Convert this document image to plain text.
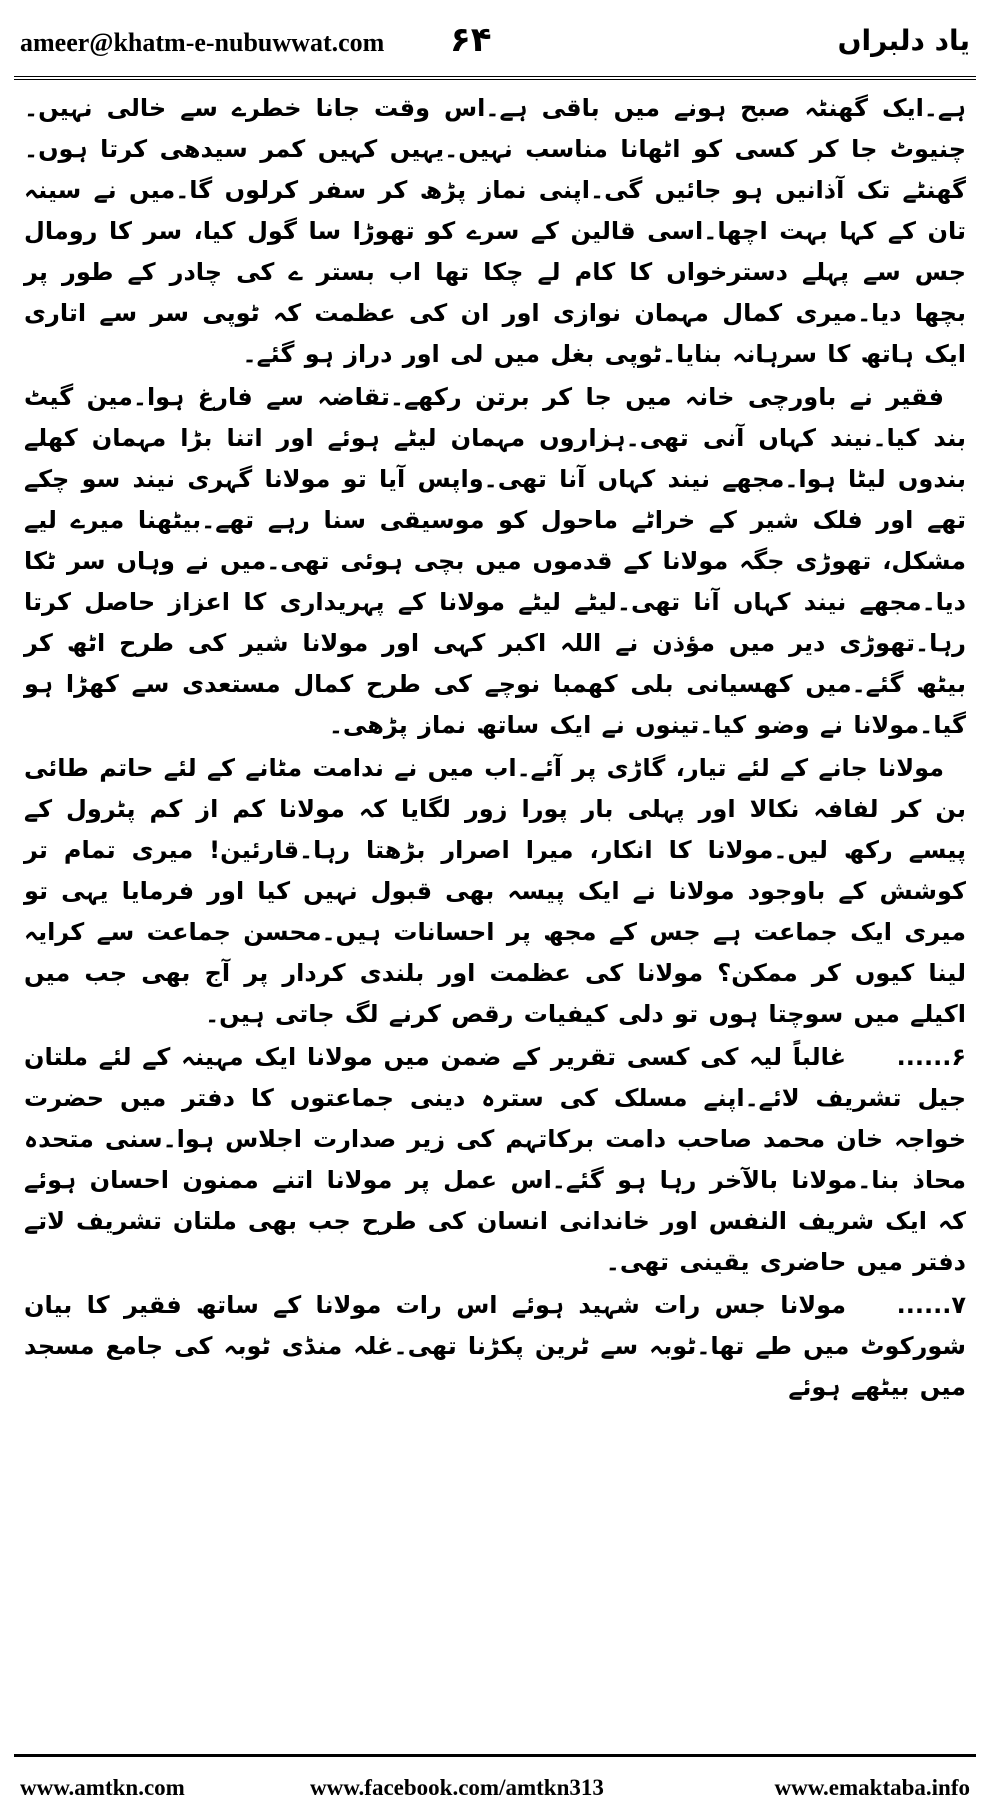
ameer@khatm-e-nubuwwat.com ۶۴	یاد دلبراں

ہے۔ایک گھنٹہ صبح ہونے میں باقی ہے۔اس وقت جانا خطرے سے خالی نہیں۔چنیوٹ جا کر کسی کو اٹھانا مناسب نہیں۔یہیں کہیں کمر سیدھی کرتا ہوں۔گھنٹے تک آذانیں ہو جائیں گی۔اپنی نماز پڑھ کر سفر کرلوں گا۔میں نے سینہ تان کے کہا بہت اچھا۔اسی قالین کے سرے کو تھوڑا سا گول کیا، سر کا رومال جس سے پہلے دسترخواں کا کام لے چکا تھا اب بستر ے کی چادر کے طور پر بچھا دیا۔میری کمال مہمان نوازی اور ان کی عظمت کہ ٹوپی سر سے اتاری ایک ہاتھ کا سرہانہ بنایا۔ٹوپی بغل میں لی اور دراز ہو گئے۔

فقیر نے باورچی خانہ میں جا کر برتن رکھے۔تقاضہ سے فارغ ہوا۔مین گیٹ بند کیا۔نیند کہاں آنی تھی۔ہزاروں مہمان لیٹے ہوئے اور اتنا بڑا مہمان کھلے بندوں لیٹا ہوا۔مجھے نیند کہاں آنا تھی۔واپس آیا تو مولانا گہری نیند سو چکے تھے اور فلک شیر کے خراٹے ماحول کو موسیقی سنا رہے تھے۔بیٹھنا میرے لیے مشکل، تھوڑی جگہ مولانا کے قدموں میں بچی ہوئی تھی۔میں نے وہاں سر ٹکا دیا۔مجھے نیند کہاں آنا تھی۔لیٹے لیٹے مولانا کے پہریداری کا اعزاز حاصل کرتا رہا۔تھوڑی دیر میں مؤذن نے اللہ اکبر کہی اور مولانا شیر کی طرح اٹھ کر بیٹھ گئے۔میں کھسیانی بلی کھمبا نوچے کی طرح کمال مستعدی سے کھڑا ہو گیا۔مولانا نے وضو کیا۔تینوں نے ایک ساتھ نماز پڑھی۔

مولانا جانے کے لئے تیار، گاڑی پر آئے۔اب میں نے ندامت مٹانے کے لئے حاتم طائی بن کر لفافہ نکالا اور پہلی بار پورا زور لگایا کہ مولانا کم از کم پٹرول کے پیسے رکھ لیں۔مولانا کا انکار، میرا اصرار بڑھتا رہا۔قارئین! میری تمام تر کوشش کے باوجود مولانا نے ایک پیسہ بھی قبول نہیں کیا اور فرمایا یہی تو میری ایک جماعت ہے جس کے مجھ پر احسانات ہیں۔محسن جماعت سے کرایہ لینا کیوں کر ممکن؟ مولانا کی عظمت اور بلندی کردار پر آج بھی جب میں اکیلے میں سوچتا ہوں تو دلی کیفیات رقص کرنے لگ جاتی ہیں۔

۶......غالباً لیہ کی کسی تقریر کے ضمن میں مولانا ایک مہینہ کے لئے ملتان جیل تشریف لائے۔اپنے مسلک کی سترہ دینی جماعتوں کا دفتر میں حضرت خواجہ خان محمد صاحب دامت برکاتہم کی زیر صدارت اجلاس ہوا۔سنی متحدہ محاذ بنا۔مولانا بالآخر رہا ہو گئے۔اس عمل پر مولانا اتنے ممنون احسان ہوئے کہ ایک شریف النفس اور خاندانی انسان کی طرح جب بھی ملتان تشریف لاتے دفتر میں حاضری یقینی تھی۔

۷......مولانا جس رات شہید ہوئے اس رات مولانا کے ساتھ فقیر کا بیان شورکوٹ میں طے تھا۔ٹوبہ سے ٹرین پکڑنا تھی۔غلہ منڈی ٹوبہ کی جامع مسجد میں بیٹھے ہوئے

www.amtkn.com	www.facebook.com/amtkn313	www.emaktaba.info
